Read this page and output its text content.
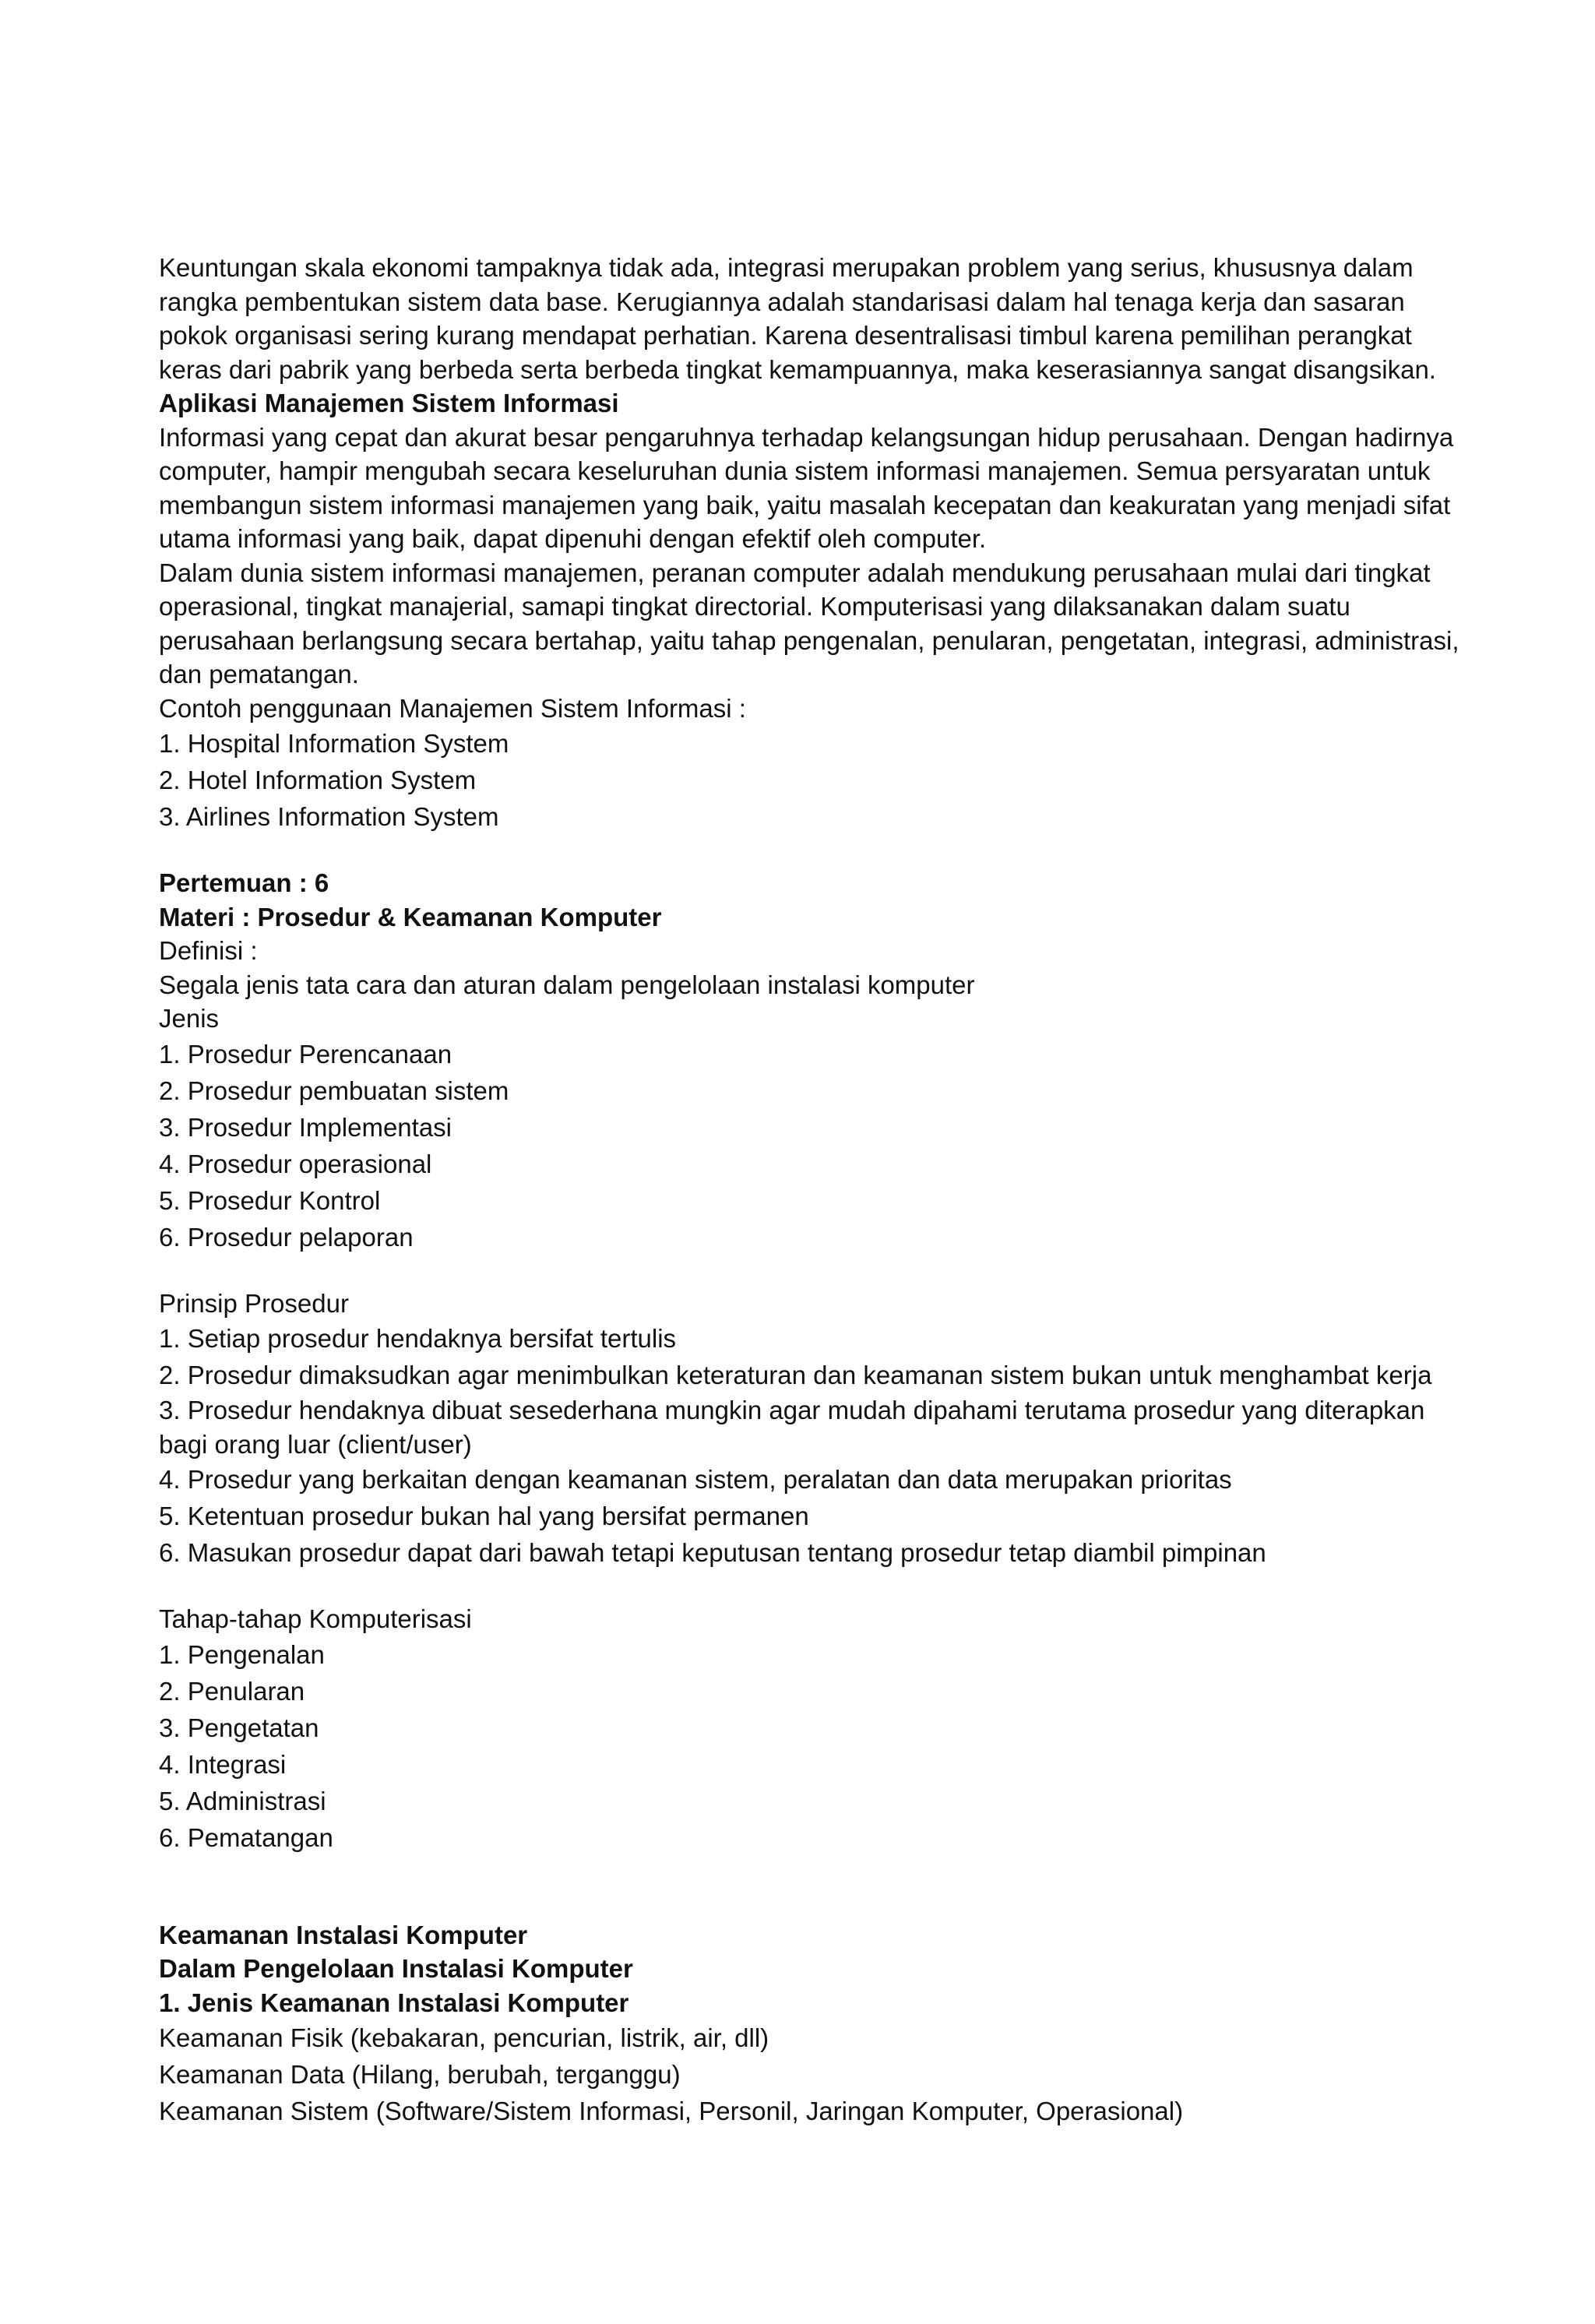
Keuntungan skala ekonomi tampaknya tidak ada, integrasi merupakan problem yang serius, khususnya dalam rangka pembentukan sistem data base. Kerugiannya adalah standarisasi dalam hal tenaga kerja dan sasaran pokok organisasi sering kurang mendapat perhatian. Karena desentralisasi timbul karena pemilihan perangkat keras dari pabrik yang berbeda serta berbeda tingkat kemampuannya, maka keserasiannya sangat disangsikan.

Aplikasi Manajemen Sistem Informasi

Informasi yang cepat dan akurat besar pengaruhnya terhadap kelangsungan hidup perusahaan. Dengan hadirnya computer, hampir mengubah secara keseluruhan dunia sistem informasi manajemen. Semua persyaratan untuk membangun sistem informasi manajemen yang baik, yaitu masalah kecepatan dan keakuratan yang menjadi sifat utama informasi yang baik, dapat dipenuhi dengan efektif oleh computer.

Dalam dunia sistem informasi manajemen, peranan computer adalah mendukung perusahaan mulai dari tingkat operasional, tingkat manajerial, samapi tingkat directorial. Komputerisasi yang dilaksanakan dalam suatu perusahaan berlangsung secara bertahap, yaitu tahap pengenalan, penularan, pengetatan, integrasi, administrasi, dan pematangan.

Contoh penggunaan Manajemen Sistem Informasi :

1. Hospital Information System

2. Hotel Information System

3. Airlines Information System

Pertemuan : 6

Materi : Prosedur & Keamanan Komputer

Definisi :

Segala jenis tata cara dan aturan dalam pengelolaan instalasi komputer

Jenis

1. Prosedur Perencanaan

2. Prosedur pembuatan sistem

3. Prosedur Implementasi

4. Prosedur operasional

5. Prosedur Kontrol

6. Prosedur pelaporan

Prinsip Prosedur

1. Setiap prosedur hendaknya bersifat tertulis

2. Prosedur dimaksudkan agar menimbulkan keteraturan dan keamanan sistem bukan untuk menghambat kerja

3. Prosedur hendaknya dibuat sesederhana mungkin agar mudah dipahami terutama prosedur yang diterapkan bagi orang luar (client/user)

4. Prosedur yang berkaitan dengan keamanan sistem, peralatan dan data merupakan prioritas

5. Ketentuan prosedur bukan hal yang bersifat permanen

6. Masukan prosedur dapat dari bawah tetapi keputusan tentang prosedur tetap diambil pimpinan

Tahap-tahap Komputerisasi

1. Pengenalan

2. Penularan

3. Pengetatan

4. Integrasi

5. Administrasi

6. Pematangan

Keamanan Instalasi Komputer

Dalam Pengelolaan Instalasi Komputer

1. Jenis Keamanan Instalasi Komputer

Keamanan Fisik (kebakaran, pencurian, listrik, air, dll)

Keamanan Data (Hilang, berubah, terganggu)

Keamanan Sistem (Software/Sistem Informasi, Personil, Jaringan Komputer, Operasional)
